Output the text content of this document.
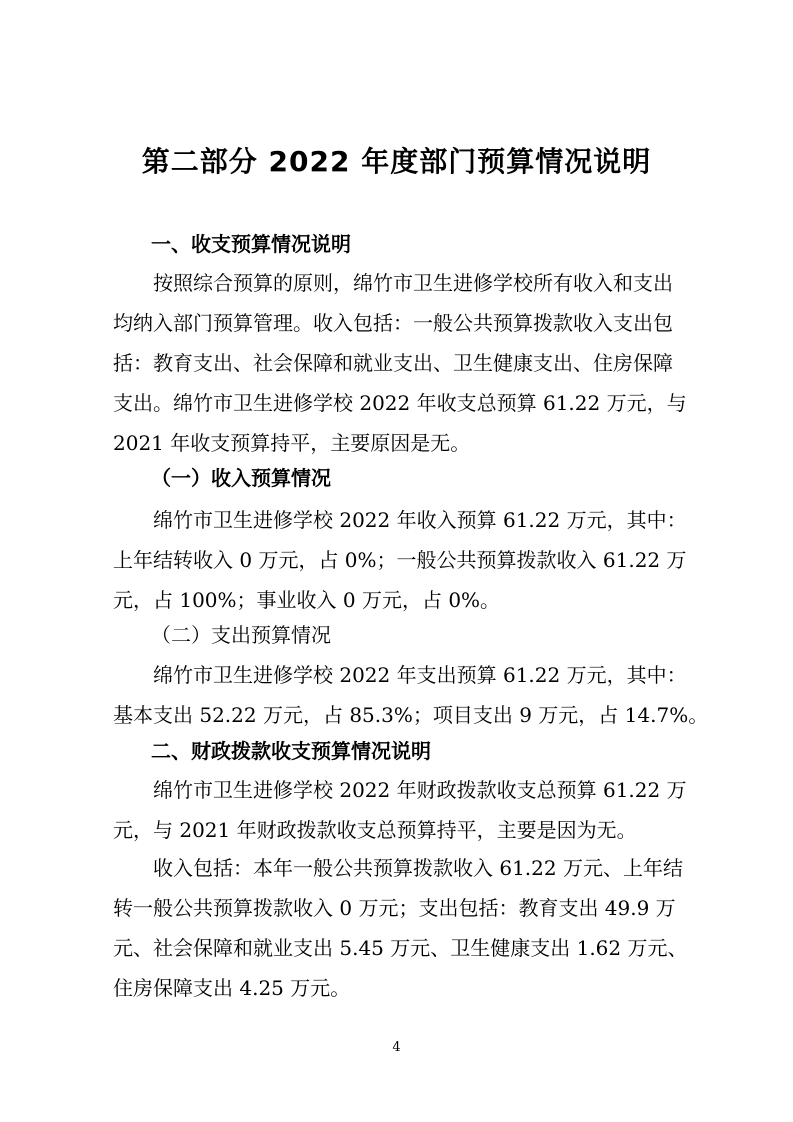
第二部分 2022 年度部门预算情况说明
一、收支预算情况说明

按照综合预算的原则，绵竹市卫生进修学校所有收入和支出
均纳入部门预算管理。收入包括：一般公共预算拨款收入支出包
括：教育支出、社会保障和就业支出、卫生健康支出、住房保障
支出。绵竹市卫生进修学校 2022 年收支总预算 61.22 万元，与
2021 年收支预算持平，主要原因是无。

（一）收入预算情况

绵竹市卫生进修学校 2022 年收入预算 61.22 万元，其中：
上年结转收入 0 万元，占 0%；一般公共预算拨款收入 61.22 万
元，占 100%；事业收入 0 万元，占 0%。

（二）支出预算情况

绵竹市卫生进修学校 2022 年支出预算 61.22 万元，其中：
基本支出 52.22 万元，占 85.3%；项目支出 9 万元，占 14.7%。

二、财政拨款收支预算情况说明

绵竹市卫生进修学校 2022 年财政拨款收支总预算 61.22 万
元，与 2021 年财政拨款收支总预算持平，主要是因为无。

收入包括：本年一般公共预算拨款收入 61.22 万元、上年结
转一般公共预算拨款收入 0 万元；支出包括：教育支出 49.9 万
元、社会保障和就业支出 5.45 万元、卫生健康支出 1.62 万元、
住房保障支出 4.25 万元。

4
